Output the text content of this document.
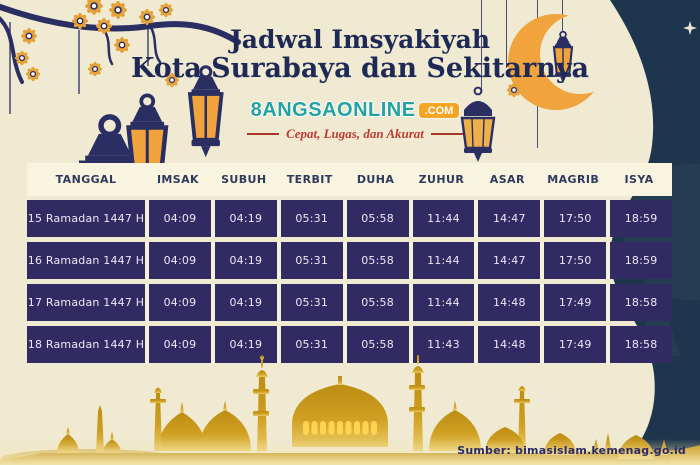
Jadwal Imsyakiyah
Kota Surabaya dan Sekitarnya
8ANGSAONLINE .COM
Cepat, Lugas, dan Akurat
TANGGAL	IMSAK	SUBUH	TERBIT	DUHA	ZUHUR	ASAR	MAGRIB	ISYA
15 Ramadan 1447 H	04:09	04:19	05:31	05:58	11:44	14:47	17:50	18:59
16 Ramadan 1447 H	04:09	04:19	05:31	05:58	11:44	14:47	17:50	18:59
17 Ramadan 1447 H	04:09	04:19	05:31	05:58	11:44	14:48	17:49	18:58
18 Ramadan 1447 H	04:09	04:19	05:31	05:58	11:43	14:48	17:49	18:58
Sumber: bimasislam.kemenag.go.id
